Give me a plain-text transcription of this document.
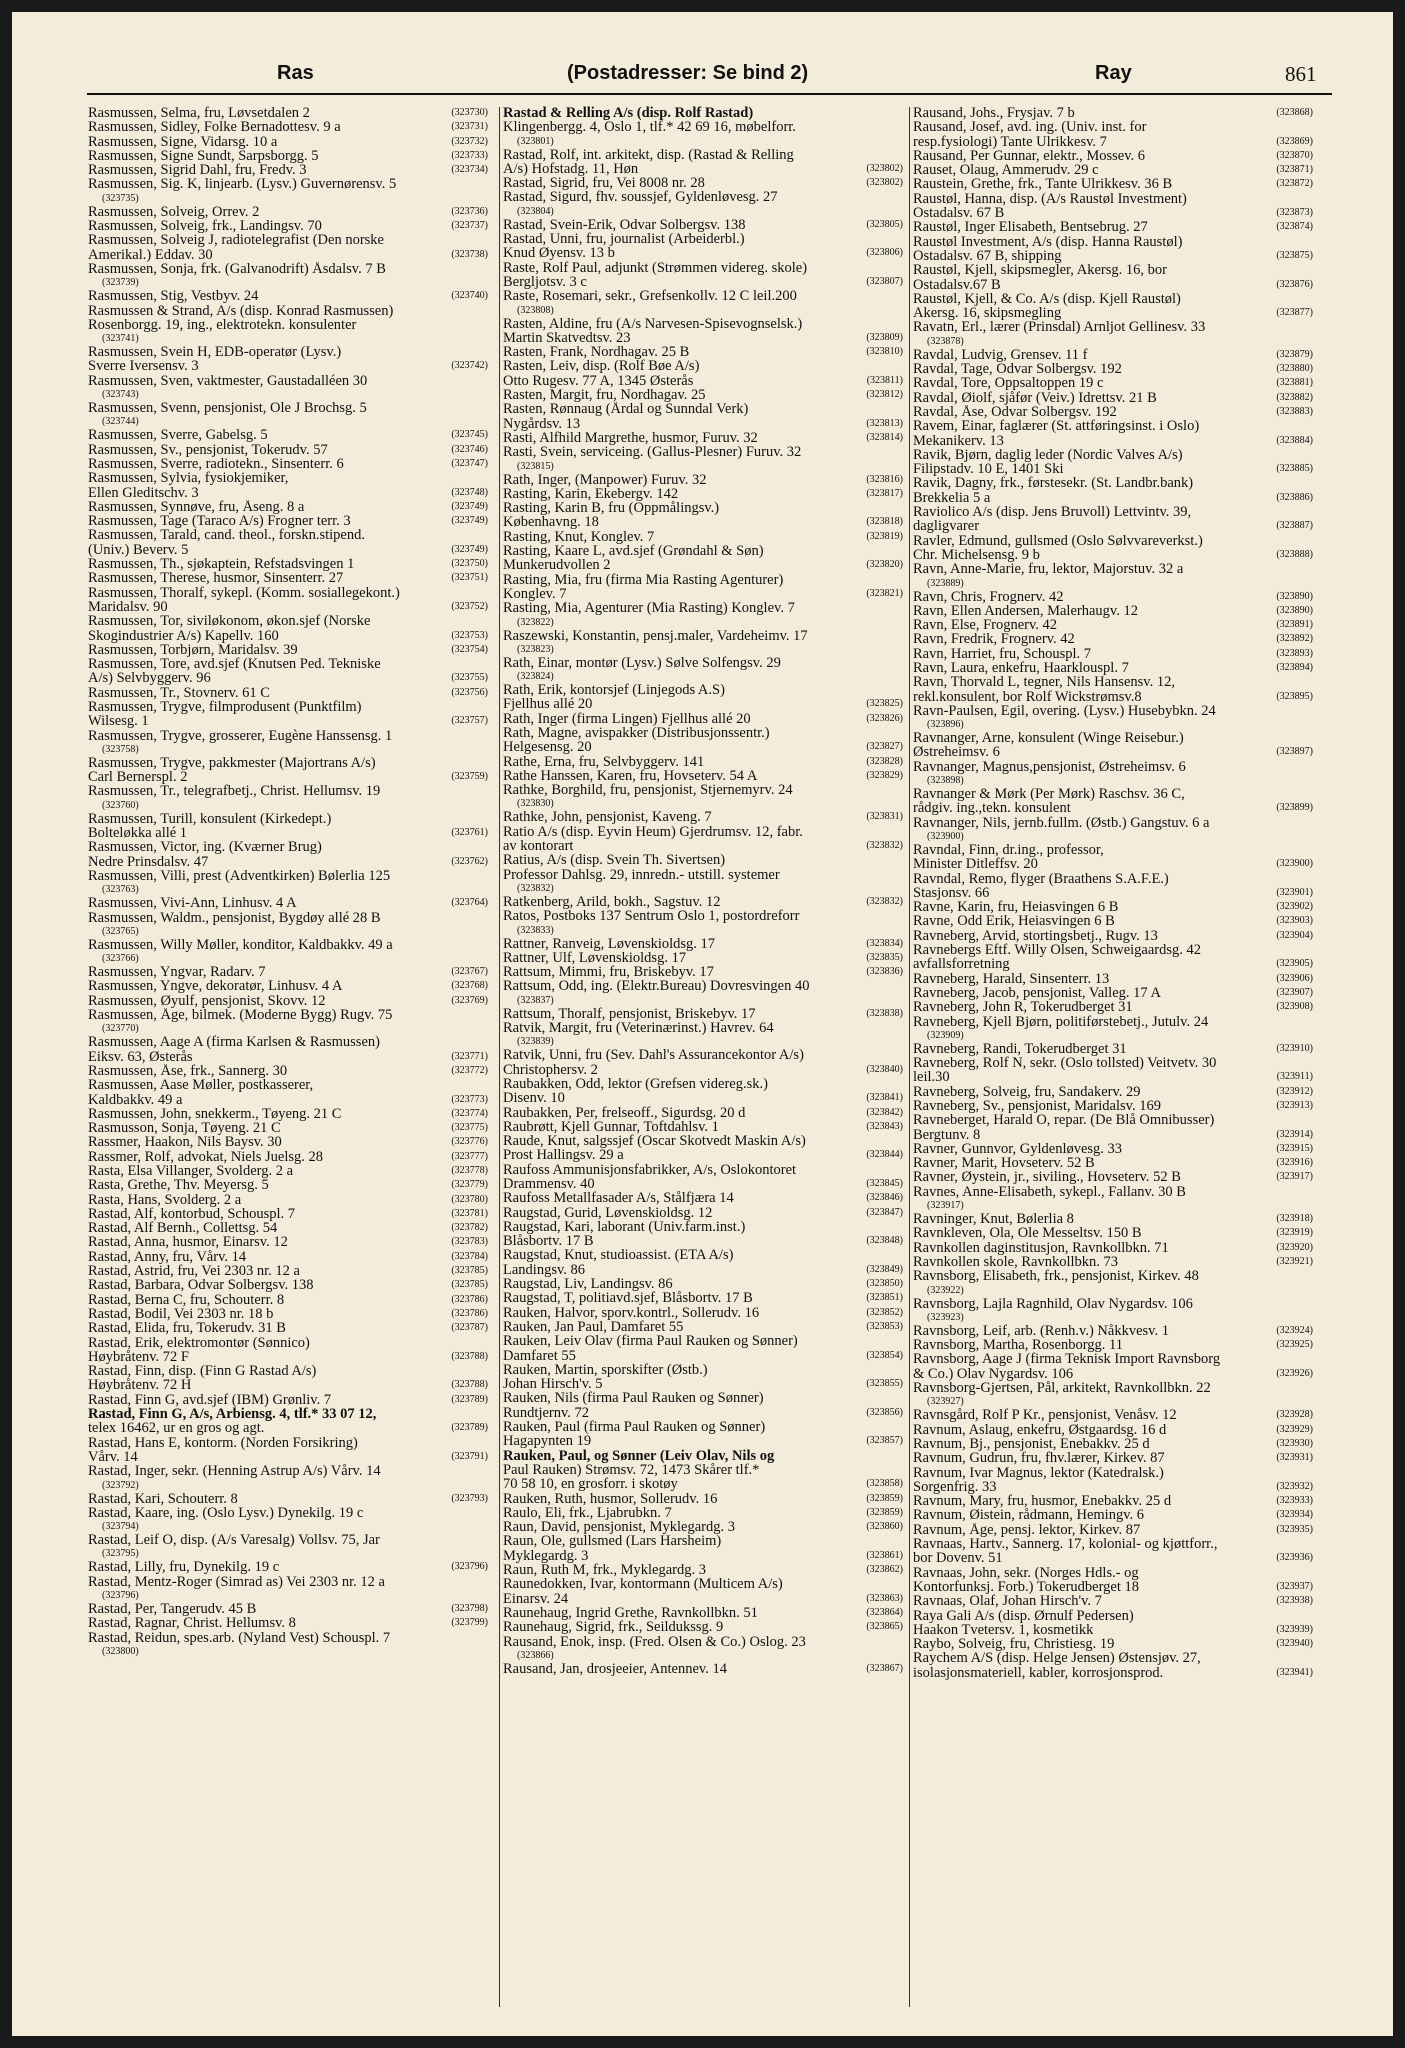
Ras	(Postadresser: Se bind 2)	Ray	861
Rasmussen, Selma, fru, Løvsetdalen 2	(323730)
Rasmussen, Sidley, Folke Bernadottesv. 9 a	(323731)
Rasmussen, Signe, Vidarsg. 10 a	(323732)
Rasmussen, Signe Sundt, Sarpsborgg. 5	(323733)
Rasmussen, Sigrid Dahl, fru, Fredv. 3	(323734)
Rasmussen, Sig. K, linjearb. (Lysv.) Guvernørensv. 5
(323735)
Rasmussen, Solveig, Orrev. 2	(323736)
Rasmussen, Solveig, frk., Landingsv. 70	(323737)
Rasmussen, Solveig J, radiotelegrafist (Den norske
Amerikal.) Eddav. 30	(323738)
Rasmussen, Sonja, frk. (Galvanodrift) Åsdalsv. 7 B
(323739)
Rasmussen, Stig, Vestbyv. 24	(323740)
Rasmussen & Strand, A/s (disp. Konrad Rasmussen)
Rosenborgg. 19, ing., elektrotekn. konsulenter
(323741)
Rasmussen, Svein H, EDB-operatør (Lysv.)
Sverre Iversensv. 3	(323742)
Rasmussen, Sven, vaktmester, Gaustadalléen 30
(323743)
Rasmussen, Svenn, pensjonist, Ole J Brochsg. 5
(323744)
Rasmussen, Sverre, Gabelsg. 5	(323745)
Rasmussen, Sv., pensjonist, Tokerudv. 57	(323746)
Rasmussen, Sverre, radiotekn., Sinsenterr. 6	(323747)
Rasmussen, Sylvia, fysiokjemiker,
Ellen Gleditschv. 3	(323748)
Rasmussen, Synnøve, fru, Åseng. 8 a	(323749)
Rasmussen, Tage (Taraco A/s) Frogner terr. 3	(323749)
Rasmussen, Tarald, cand. theol., forskn.stipend.
(Univ.) Beverv. 5	(323749)
Rasmussen, Th., sjøkaptein, Refstadsvingen 1	(323750)
Rasmussen, Therese, husmor, Sinsenterr. 27	(323751)
Rasmussen, Thoralf, sykepl. (Komm. sosiallegekont.)
Maridalsv. 90	(323752)
Rasmussen, Tor, siviløkonom, økon.sjef (Norske
Skogindustrier A/s) Kapellv. 160	(323753)
Rasmussen, Torbjørn, Maridalsv. 39	(323754)
Rasmussen, Tore, avd.sjef (Knutsen Ped. Tekniske
A/s) Selvbyggerv. 96	(323755)
Rasmussen, Tr., Stovnerv. 61 C	(323756)
Rasmussen, Trygve, filmprodusent (Punktfilm)
Wilsesg. 1	(323757)
Rasmussen, Trygve, grosserer, Eugène Hanssensg. 1
(323758)
Rasmussen, Trygve, pakkmester (Majortrans A/s)
Carl Bernerspl. 2	(323759)
Rasmussen, Tr., telegrafbetj., Christ. Hellumsv. 19
(323760)
Rasmussen, Turill, konsulent (Kirkedept.)
Bolteløkka allé 1	(323761)
Rasmussen, Victor, ing. (Kværner Brug)
Nedre Prinsdalsv. 47	(323762)
Rasmussen, Villi, prest (Adventkirken) Bølerlia 125
(323763)
Rasmussen, Vivi-Ann, Linhusv. 4 A	(323764)
Rasmussen, Waldm., pensjonist, Bygdøy allé 28 B
(323765)
Rasmussen, Willy Møller, konditor, Kaldbakkv. 49 a
(323766)
Rasmussen, Yngvar, Radarv. 7	(323767)
Rasmussen, Yngve, dekoratør, Linhusv. 4 A	(323768)
Rasmussen, Øyulf, pensjonist, Skovv. 12	(323769)
Rasmussen, Åge, bilmek. (Moderne Bygg) Rugv. 75
(323770)
Rasmussen, Aage A (firma Karlsen & Rasmussen)
Eiksv. 63, Østerås	(323771)
Rasmussen, Åse, frk., Sannerg. 30	(323772)
Rasmussen, Aase Møller, postkasserer,
Kaldbakkv. 49 a	(323773)
Rasmussen, John, snekkerm., Tøyeng. 21 C	(323774)
Rasmusson, Sonja, Tøyeng. 21 C	(323775)
Rassmer, Haakon, Nils Baysv. 30	(323776)
Rassmer, Rolf, advokat, Niels Juelsg. 28	(323777)
Rasta, Elsa Villanger, Svolderg. 2 a	(323778)
Rasta, Grethe, Thv. Meyersg. 5	(323779)
Rasta, Hans, Svolderg. 2 a	(323780)
Rastad, Alf, kontorbud, Schouspl. 7	(323781)
Rastad, Alf Bernh., Collettsg. 54	(323782)
Rastad, Anna, husmor, Einarsv. 12	(323783)
Rastad, Anny, fru, Vårv. 14	(323784)
Rastad, Astrid, fru, Vei 2303 nr. 12 a	(323785)
Rastad, Barbara, Odvar Solbergsv. 138	(323785)
Rastad, Berna C, fru, Schouterr. 8	(323786)
Rastad, Bodil, Vei 2303 nr. 18 b	(323786)
Rastad, Elida, fru, Tokerudv. 31 B	(323787)
Rastad, Erik, elektromontør (Sønnico)
Høybråtenv. 72 F	(323788)
Rastad, Finn, disp. (Finn G Rastad A/s)
Høybråtenv. 72 H	(323788)
Rastad, Finn G, avd.sjef (IBM) Grønliv. 7	(323789)
Rastad, Finn G, A/s, Arbiensg. 4, tlf.* 33 07 12,
telex 16462, ur en gros og agt.	(323789)
Rastad, Hans E, kontorm. (Norden Forsikring)
Vårv. 14	(323791)
Rastad, Inger, sekr. (Henning Astrup A/s) Vårv. 14
(323792)
Rastad, Kari, Schouterr. 8	(323793)
Rastad, Kaare, ing. (Oslo Lysv.) Dynekilg. 19 c
(323794)
Rastad, Leif O, disp. (A/s Varesalg) Vollsv. 75, Jar
(323795)
Rastad, Lilly, fru, Dynekilg. 19 c	(323796)
Rastad, Mentz-Roger (Simrad as) Vei 2303 nr. 12 a
(323796)
Rastad, Per, Tangerudv. 45 B	(323798)
Rastad, Ragnar, Christ. Hellumsv. 8	(323799)
Rastad, Reidun, spes.arb. (Nyland Vest) Schouspl. 7
(323800)
Rastad & Relling A/s (disp. Rolf Rastad)
Klingenbergg. 4, Oslo 1, tlf.* 42 69 16, møbelforr.
(323801)
Rastad, Rolf, int. arkitekt, disp. (Rastad & Relling
A/s) Hofstadg. 11, Høn	(323802)
Rastad, Sigrid, fru, Vei 8008 nr. 28	(323802)
Rastad, Sigurd, fhv. soussjef, Gyldenløvesg. 27
(323804)
Rastad, Svein-Erik, Odvar Solbergsv. 138	(323805)
Rastad, Unni, fru, journalist (Arbeiderbl.)
Knud Øyensv. 13 b	(323806)
Raste, Rolf Paul, adjunkt (Strømmen videreg. skole)
Bergljotsv. 3 c	(323807)
Raste, Rosemari, sekr., Grefsenkollv. 12 C leil.200
(323808)
Rasten, Aldine, fru (A/s Narvesen-Spisevognselsk.)
Martin Skatvedtsv. 23	(323809)
Rasten, Frank, Nordhagav. 25 B	(323810)
Rasten, Leiv, disp. (Rolf Bøe A/s)
Otto Rugesv. 77 A, 1345 Østerås	(323811)
Rasten, Margit, fru, Nordhagav. 25	(323812)
Rasten, Rønnaug (Årdal og Sunndal Verk)
Nygårdsv. 13	(323813)
Rasti, Alfhild Margrethe, husmor, Furuv. 32	(323814)
Rasti, Svein, serviceing. (Gallus-Plesner) Furuv. 32
(323815)
Rath, Inger, (Manpower) Furuv. 32	(323816)
Rasting, Karin, Ekebergv. 142	(323817)
Rasting, Karin B, fru (Oppmålingsv.)
Københavng. 18	(323818)
Rasting, Knut, Konglev. 7	(323819)
Rasting, Kaare L, avd.sjef (Grøndahl & Søn)
Munkerudvollen 2	(323820)
Rasting, Mia, fru (firma Mia Rasting Agenturer)
Konglev. 7	(323821)
Rasting, Mia, Agenturer (Mia Rasting) Konglev. 7
(323822)
Raszewski, Konstantin, pensj.maler, Vardeheimv. 17
(323823)
Rath, Einar, montør (Lysv.) Sølve Solfengsv. 29
(323824)
Rath, Erik, kontorsjef (Linjegods A.S)
Fjellhus allé 20	(323825)
Rath, Inger (firma Lingen) Fjellhus allé 20	(323826)
Rath, Magne, avispakker (Distribusjonssentr.)
Helgesensg. 20	(323827)
Rathe, Erna, fru, Selvbyggerv. 141	(323828)
Rathe Hanssen, Karen, fru, Hovseterv. 54 A	(323829)
Rathke, Borghild, fru, pensjonist, Stjernemyrv. 24
(323830)
Rathke, John, pensjonist, Kaveng. 7	(323831)
Ratio A/s (disp. Eyvin Heum) Gjerdrumsv. 12, fabr.
av kontorart	(323832)
Ratius, A/s (disp. Svein Th. Sivertsen)
Professor Dahlsg. 29, innredn.- utstill. systemer
(323832)
Ratkenberg, Arild, bokh., Sagstuv. 12	(323832)
Ratos, Postboks 137 Sentrum Oslo 1, postordreforr
(323833)
Rattner, Ranveig, Løvenskioldsg. 17	(323834)
Rattner, Ulf, Løvenskioldsg. 17	(323835)
Rattsum, Mimmi, fru, Briskebyv. 17	(323836)
Rattsum, Odd, ing. (Elektr.Bureau) Dovresvingen 40
(323837)
Rattsum, Thoralf, pensjonist, Briskebyv. 17	(323838)
Ratvik, Margit, fru (Veterinærinst.) Havrev. 64
(323839)
Ratvik, Unni, fru (Sev. Dahl's Assurancekontor A/s)
Christophersv. 2	(323840)
Raubakken, Odd, lektor (Grefsen videreg.sk.)
Disenv. 10	(323841)
Raubakken, Per, frelseoff., Sigurdsg. 20 d	(323842)
Raubrøtt, Kjell Gunnar, Toftdahlsv. 1	(323843)
Raude, Knut, salgssjef (Oscar Skotvedt Maskin A/s)
Prost Hallingsv. 29 a	(323844)
Raufoss Ammunisjonsfabrikker, A/s, Oslokontoret
Drammensv. 40	(323845)
Raufoss Metallfasader A/s, Stålfjæra 14	(323846)
Raugstad, Gurid, Løvenskioldsg. 12	(323847)
Raugstad, Kari, laborant (Univ.farm.inst.)
Blåsbortv. 17 B	(323848)
Raugstad, Knut, studioassist. (ETA A/s)
Landingsv. 86	(323849)
Raugstad, Liv, Landingsv. 86	(323850)
Raugstad, T, politiavd.sjef, Blåsbortv. 17 B	(323851)
Rauken, Halvor, sporv.kontrl., Sollerudv. 16	(323852)
Rauken, Jan Paul, Damfaret 55	(323853)
Rauken, Leiv Olav (firma Paul Rauken og Sønner)
Damfaret 55	(323854)
Rauken, Martin, sporskifter (Østb.)
Johan Hirsch'v. 5	(323855)
Rauken, Nils (firma Paul Rauken og Sønner)
Rundtjernv. 72	(323856)
Rauken, Paul (firma Paul Rauken og Sønner)
Hagapynten 19	(323857)
Rauken, Paul, og Sønner (Leiv Olav, Nils og
Paul Rauken) Strømsv. 72, 1473 Skårer tlf.*
70 58 10, en grosforr. i skotøy	(323858)
Rauken, Ruth, husmor, Sollerudv. 16	(323859)
Raulo, Eli, frk., Ljabrubkn. 7	(323859)
Raun, David, pensjonist, Myklegardg. 3	(323860)
Raun, Ole, gullsmed (Lars Harsheim)
Myklegardg. 3	(323861)
Raun, Ruth M, frk., Myklegardg. 3	(323862)
Raunedokken, Ivar, kontormann (Multicem A/s)
Einarsv. 24	(323863)
Raunehaug, Ingrid Grethe, Ravnkollbkn. 51	(323864)
Raunehaug, Sigrid, frk., Seildukssg. 9	(323865)
Rausand, Enok, insp. (Fred. Olsen & Co.) Oslog. 23
(323866)
Rausand, Jan, drosjeeier, Antennev. 14	(323867)
Rausand, Johs., Frysjav. 7 b	(323868)
Rausand, Josef, avd. ing. (Univ. inst. for
resp.fysiologi) Tante Ulrikkesv. 7	(323869)
Rausand, Per Gunnar, elektr., Mossev. 6	(323870)
Rauset, Olaug, Ammerudv. 29 c	(323871)
Raustein, Grethe, frk., Tante Ulrikkesv. 36 B	(323872)
Raustøl, Hanna, disp. (A/s Raustøl Investment)
Ostadalsv. 67 B	(323873)
Raustøl, Inger Elisabeth, Bentsebrug. 27	(323874)
Raustøl Investment, A/s (disp. Hanna Raustøl)
Ostadalsv. 67 B, shipping	(323875)
Raustøl, Kjell, skipsmegler, Akersg. 16, bor
Ostadalsv.67 B	(323876)
Raustøl, Kjell, & Co. A/s (disp. Kjell Raustøl)
Akersg. 16, skipsmegling	(323877)
Ravatn, Erl., lærer (Prinsdal) Arnljot Gellinesv. 33
(323878)
Ravdal, Ludvig, Grensev. 11 f	(323879)
Ravdal, Tage, Odvar Solbergsv. 192	(323880)
Ravdal, Tore, Oppsaltoppen 19 c	(323881)
Ravdal, Øiolf, sjåfør (Veiv.) Idrettsv. 21 B	(323882)
Ravdal, Åse, Odvar Solbergsv. 192	(323883)
Ravem, Einar, faglærer (St. attføringsinst. i Oslo)
Mekanikerv. 13	(323884)
Ravik, Bjørn, daglig leder (Nordic Valves A/s)
Filipstadv. 10 E, 1401 Ski	(323885)
Ravik, Dagny, frk., førstesekr. (St. Landbr.bank)
Brekkelia 5 a	(323886)
Raviolico A/s (disp. Jens Bruvoll) Lettvintv. 39,
dagligvarer	(323887)
Ravler, Edmund, gullsmed (Oslo Sølvvareverkst.)
Chr. Michelsensg. 9 b	(323888)
Ravn, Anne-Marie, fru, lektor, Majorstuv. 32 a
(323889)
Ravn, Chris, Frognerv. 42	(323890)
Ravn, Ellen Andersen, Malerhaugv. 12	(323890)
Ravn, Else, Frognerv. 42	(323891)
Ravn, Fredrik, Frognerv. 42	(323892)
Ravn, Harriet, fru, Schouspl. 7	(323893)
Ravn, Laura, enkefru, Haarklouspl. 7	(323894)
Ravn, Thorvald L, tegner, Nils Hansensv. 12,
rekl.konsulent, bor Rolf Wickstrømsv.8	(323895)
Ravn-Paulsen, Egil, overing. (Lysv.) Husebybkn. 24
(323896)
Ravnanger, Arne, konsulent (Winge Reisebur.)
Østreheimsv. 6	(323897)
Ravnanger, Magnus,pensjonist, Østreheimsv. 6
(323898)
Ravnanger & Mørk (Per Mørk) Raschsv. 36 C,
rådgiv. ing.,tekn. konsulent	(323899)
Ravnanger, Nils, jernb.fullm. (Østb.) Gangstuv. 6 a
(323900)
Ravndal, Finn, dr.ing., professor,
Minister Ditleffsv. 20	(323900)
Ravndal, Remo, flyger (Braathens S.A.F.E.)
Stasjonsv. 66	(323901)
Ravne, Karin, fru, Heiasvingen 6 B	(323902)
Ravne, Odd Erik, Heiasvingen 6 B	(323903)
Ravneberg, Arvid, stortingsbetj., Rugv. 13	(323904)
Ravnebergs Eftf. Willy Olsen, Schweigaardsg. 42
avfallsforretning	(323905)
Ravneberg, Harald, Sinsenterr. 13	(323906)
Ravneberg, Jacob, pensjonist, Valleg. 17 A	(323907)
Ravneberg, John R, Tokerudberget 31	(323908)
Ravneberg, Kjell Bjørn, politiførstebetj., Jutulv. 24
(323909)
Ravneberg, Randi, Tokerudberget 31	(323910)
Ravneberg, Rolf N, sekr. (Oslo tollsted) Veitvetv. 30
leil.30	(323911)
Ravneberg, Solveig, fru, Sandakerv. 29	(323912)
Ravneberg, Sv., pensjonist, Maridalsv. 169	(323913)
Ravneberget, Harald O, repar. (De Blå Omnibusser)
Bergtunv. 8	(323914)
Ravner, Gunnvor, Gyldenløvesg. 33	(323915)
Ravner, Marit, Hovseterv. 52 B	(323916)
Ravner, Øystein, jr., siviling., Hovseterv. 52 B	(323917)
Ravnes, Anne-Elisabeth, sykepl., Fallanv. 30 B
(323917)
Ravninger, Knut, Bølerlia 8	(323918)
Ravnkleven, Ola, Ole Messeltsv. 150 B	(323919)
Ravnkollen daginstitusjon, Ravnkollbkn. 71	(323920)
Ravnkollen skole, Ravnkollbkn. 73	(323921)
Ravnsborg, Elisabeth, frk., pensjonist, Kirkev. 48
(323922)
Ravnsborg, Lajla Ragnhild, Olav Nygardsv. 106
(323923)
Ravnsborg, Leif, arb. (Renh.v.) Nåkkvesv. 1	(323924)
Ravnsborg, Martha, Rosenborgg. 11	(323925)
Ravnsborg, Aage J (firma Teknisk Import Ravnsborg
& Co.) Olav Nygardsv. 106	(323926)
Ravnsborg-Gjertsen, Pål, arkitekt, Ravnkollbkn. 22
(323927)
Ravnsgård, Rolf P Kr., pensjonist, Venåsv. 12	(323928)
Ravnum, Aslaug, enkefru, Østgaardsg. 16 d	(323929)
Ravnum, Bj., pensjonist, Enebakkv. 25 d	(323930)
Ravnum, Gudrun, fru, fhv.lærer, Kirkev. 87	(323931)
Ravnum, Ivar Magnus, lektor (Katedralsk.)
Sorgenfrig. 33	(323932)
Ravnum, Mary, fru, husmor, Enebakkv. 25 d	(323933)
Ravnum, Øistein, rådmann, Hemingv. 6	(323934)
Ravnum, Åge, pensj. lektor, Kirkev. 87	(323935)
Ravnaas, Hartv., Sannerg. 17, kolonial- og kjøttforr.,
bor Dovenv. 51	(323936)
Ravnaas, John, sekr. (Norges Hdls.- og
Kontorfunksj. Forb.) Tokerudberget 18	(323937)
Ravnaas, Olaf, Johan Hirsch'v. 7	(323938)
Raya Gali A/s (disp. Ørnulf Pedersen)
Haakon Tvetersv. 1, kosmetikk	(323939)
Raybo, Solveig, fru, Christiesg. 19	(323940)
Raychem A/S (disp. Helge Jensen) Østensjøv. 27,
isolasjonsmateriell, kabler, korrosjonsprod.	(323941)
